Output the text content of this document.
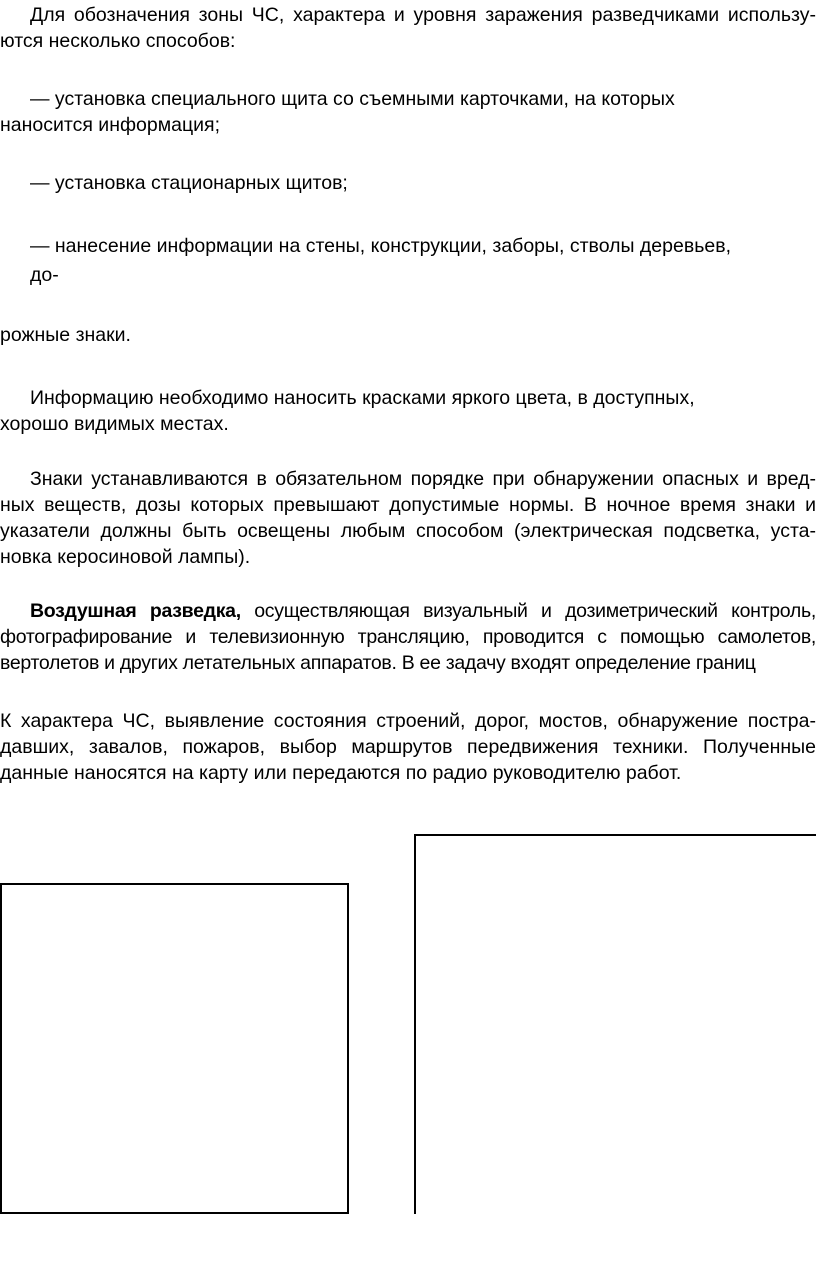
Для обозначения зоны ЧС, характера и уровня заражения разведчиками использу-ются несколько способов:

— установка специального щита со съемными карточками, на которых

наносится информация;

— установка стационарных щитов;

— нанесение информации на стены, конструкции, заборы, стволы деревьев,

до-

рожные знаки.

Информацию необходимо наносить красками яркого цвета, в доступных,

хорошо видимых местах.

Знаки устанавливаются в обязательном порядке при обнаружении опасных и вред-ных веществ, дозы которых превышают допустимые нормы. В ночное время знаки и указатели должны быть освещены любым способом (электрическая подсветка, уста-новка керосиновой лампы).

Воздушная разведка, осуществляющая визуальный и дозиметрический контроль, фотографирование и телевизионную трансляцию, проводится с помощью самолетов, вертолетов и других летательных аппаратов. В ее задачу входят определение границ

К характера ЧС, выявление состояния строений, дорог, мостов, обнаружение постра-давших, завалов, пожаров, выбор маршрутов передвижения техники. Полученные данные наносятся на карту или передаются по радио руководителю работ.
